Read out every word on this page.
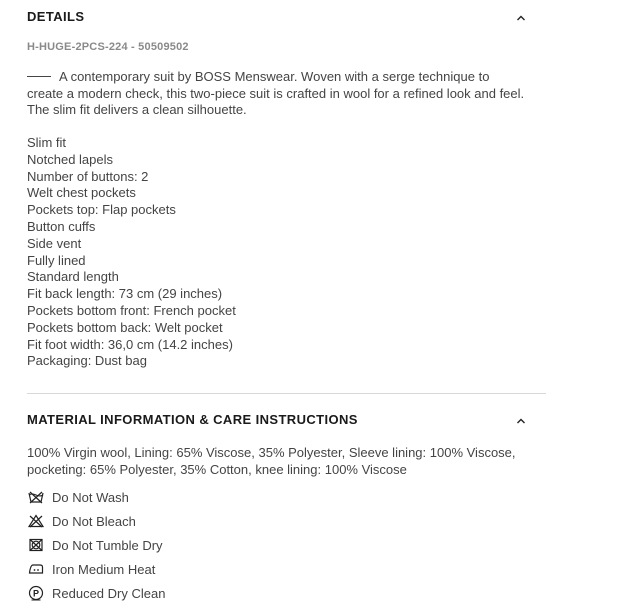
DETAILS
H-HUGE-2PCS-224 - 50509502
A contemporary suit by BOSS Menswear. Woven with a serge technique to create a modern check, this two-piece suit is crafted in wool for a refined look and feel. The slim fit delivers a clean silhouette.
Slim fit
Notched lapels
Number of buttons: 2
Welt chest pockets
Pockets top: Flap pockets
Button cuffs
Side vent
Fully lined
Standard length
Fit back length: 73 cm (29 inches)
Pockets bottom front: French pocket
Pockets bottom back: Welt pocket
Fit foot width: 36,0 cm (14.2 inches)
Packaging: Dust bag
MATERIAL INFORMATION & CARE INSTRUCTIONS
100% Virgin wool, Lining: 65% Viscose, 35% Polyester, Sleeve lining: 100% Viscose, pocketing: 65% Polyester, 35% Cotton, knee lining: 100% Viscose
Do Not Wash
Do Not Bleach
Do Not Tumble Dry
Iron Medium Heat
P Reduced Dry Clean
